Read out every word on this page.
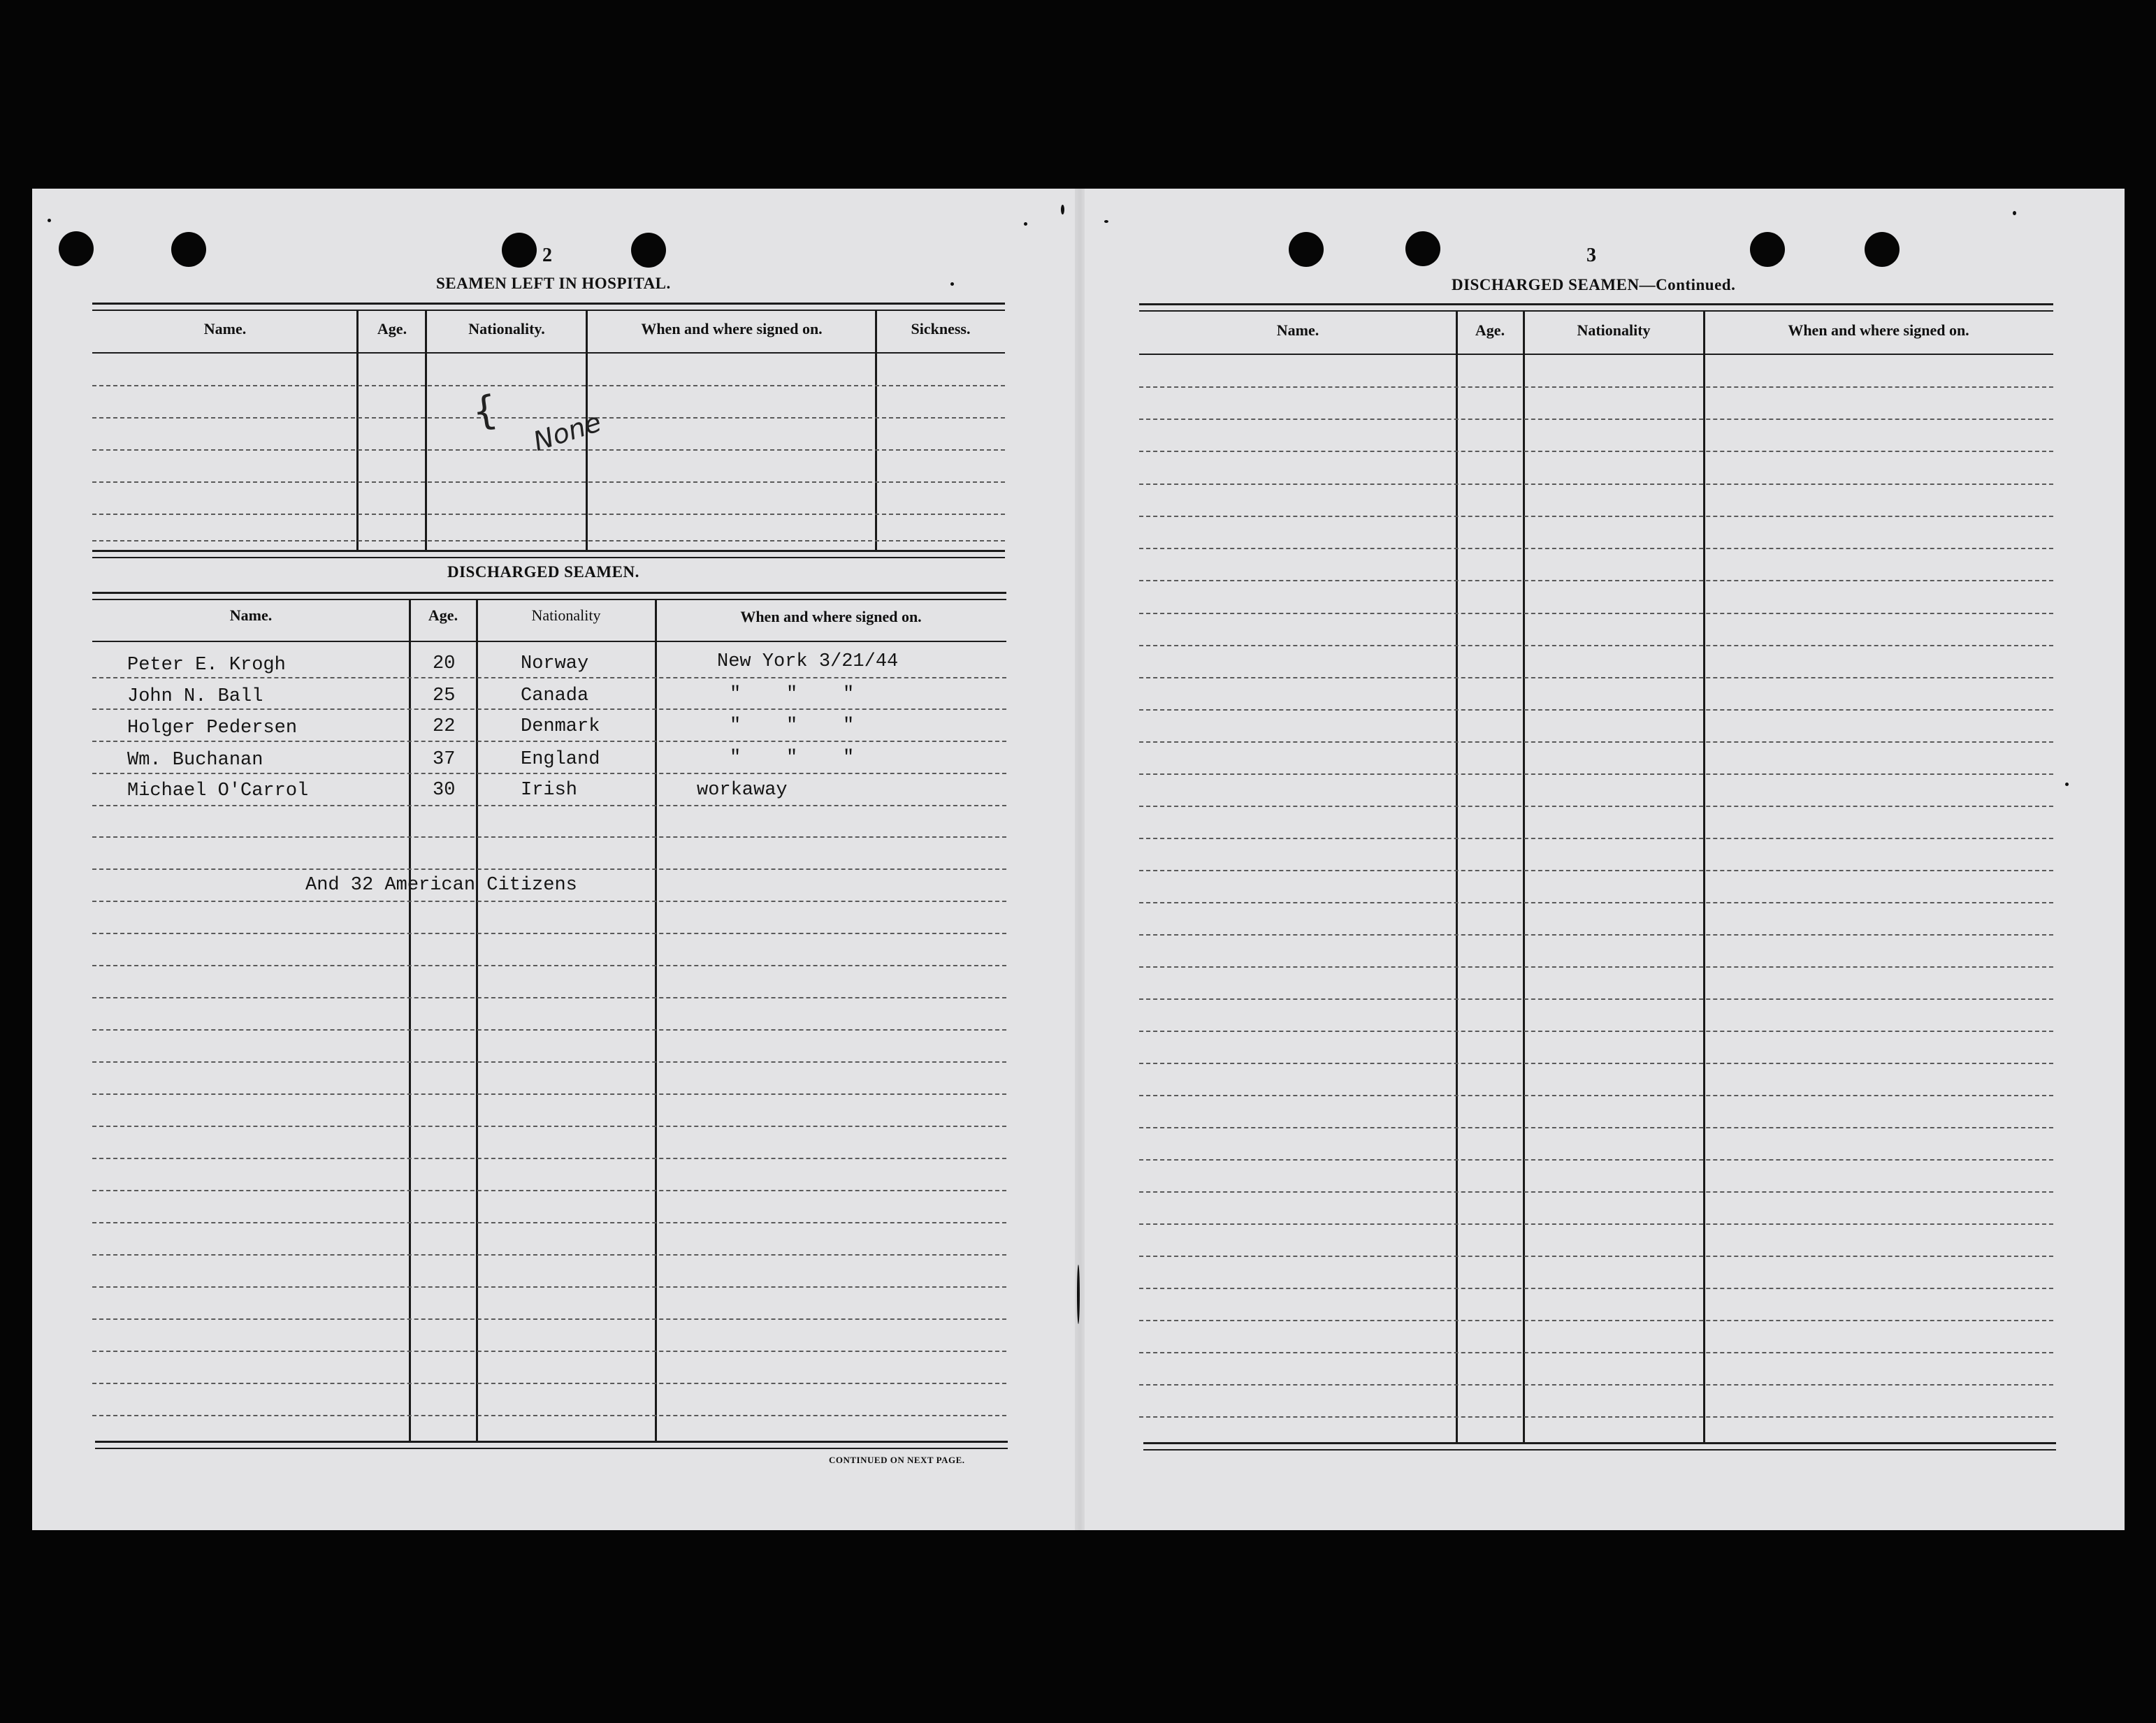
2
SEAMEN LEFT IN HOSPITAL.
Name.	Age.	Nationality.	When and where signed on.	Sickness.
{ None
DISCHARGED SEAMEN.
Name.	Age.	Nationality	When and where signed on.
Peter E. Krogh	20	Norway	New York 3/21/44
John N. Ball	25	Canada	"    "    "
Holger Pedersen	22	Denmark	"    "    "
Wm. Buchanan	37	England	"    "    "
Michael O'Carrol	30	Irish	workaway
And 32 American Citizens
CONTINUED ON NEXT PAGE.
3
DISCHARGED SEAMEN—Continued.
Name.	Age.	Nationality	When and where signed on.
